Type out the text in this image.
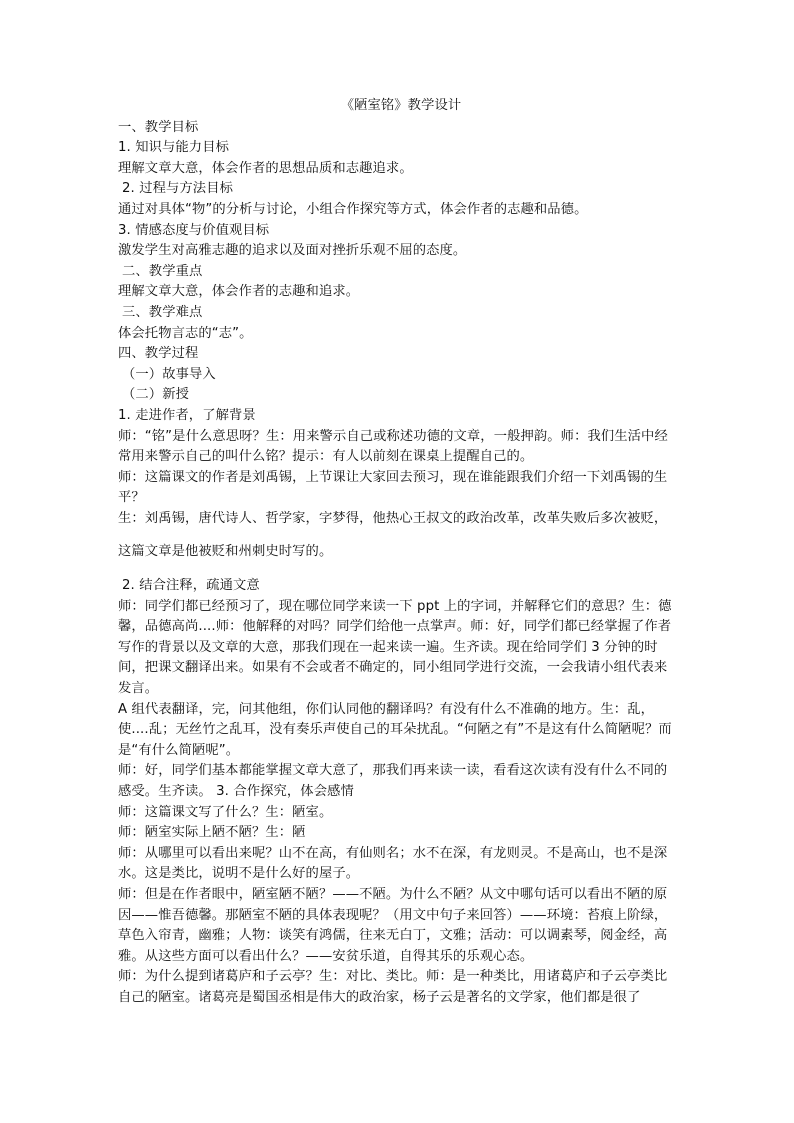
《陋室铭》教学设计

一、教学目标

1. 知识与能力目标

理解文章大意，体会作者的思想品质和志趣追求。

2. 过程与方法目标

通过对具体“物”的分析与讨论，小组合作探究等方式，体会作者的志趣和品德。

3. 情感态度与价值观目标

激发学生对高雅志趣的追求以及面对挫折乐观不屈的态度。

二、教学重点

理解文章大意，体会作者的志趣和追求。

三、教学难点

体会托物言志的“志”。

四、教学过程

（一）故事导入

（二）新授

1. 走进作者，了解背景

师：“铭”是什么意思呀？生：用来警示自己或称述功德的文章，一般押韵。师：我们生活中经常用来警示自己的叫什么铭？提示：有人以前刻在课桌上提醒自己的。

师：这篇课文的作者是刘禹锡，上节课让大家回去预习，现在谁能跟我们介绍一下刘禹锡的生平？

生：刘禹锡，唐代诗人、哲学家，字梦得，他热心王叔文的政治改革，改革失败后多次被贬，

这篇文章是他被贬和州刺史时写的。

2. 结合注释，疏通文意

师：同学们都已经预习了，现在哪位同学来读一下 ppt 上的字词，并解释它们的意思？生：德馨，品德高尚....师：他解释的对吗？同学们给他一点掌声。师：好，同学们都已经掌握了作者写作的背景以及文章的大意，那我们现在一起来读一遍。生齐读。现在给同学们 3 分钟的时间，把课文翻译出来。如果有不会或者不确定的，同小组同学进行交流，一会我请小组代表来发言。

A 组代表翻译，完，问其他组，你们认同他的翻译吗？有没有什么不准确的地方。生：乱，使....乱；无丝竹之乱耳，没有奏乐声使自己的耳朵扰乱。“何陋之有”不是这有什么简陋呢？而是“有什么简陋呢”。

师：好，同学们基本都能掌握文章大意了，那我们再来读一读，看看这次读有没有什么不同的感受。生齐读。 3. 合作探究，体会感情

师：这篇课文写了什么？生：陋室。

师：陋室实际上陋不陋？生：陋

师：从哪里可以看出来呢？山不在高，有仙则名；水不在深，有龙则灵。不是高山，也不是深水。这是类比，说明不是什么好的屋子。

师：但是在作者眼中，陋室陋不陋？——不陋。为什么不陋？从文中哪句话可以看出不陋的原因——惟吾德馨。那陋室不陋的具体表现呢？（用文中句子来回答）——环境：苔痕上阶绿，草色入帘青，幽雅；人物：谈笑有鸿儒，往来无白丁，文雅；活动：可以调素琴，阅金经，高雅。从这些方面可以看出什么？——安贫乐道，自得其乐的乐观心态。

师：为什么提到诸葛庐和子云亭？生：对比、类比。师：是一种类比，用诸葛庐和子云亭类比自己的陋室。诸葛亮是蜀国丞相是伟大的政治家，杨子云是著名的文学家，他们都是很了
